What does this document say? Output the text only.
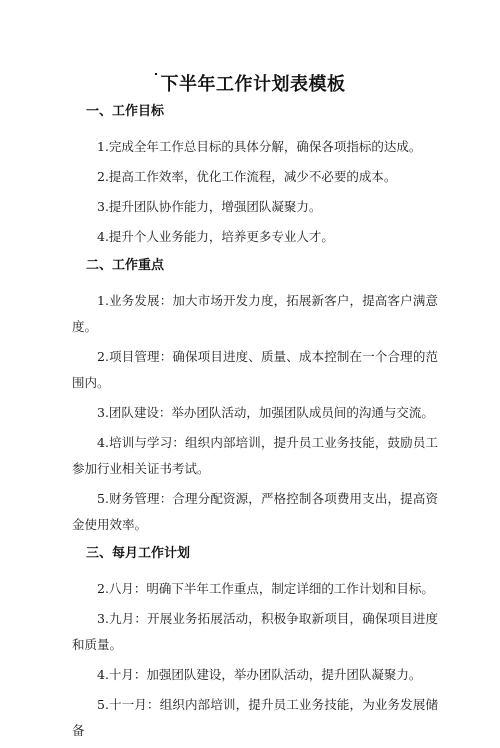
下半年工作计划表模板
一、工作目标

1.完成全年工作总目标的具体分解，确保各项指标的达成。

2.提高工作效率，优化工作流程，减少不必要的成本。

3.提升团队协作能力，增强团队凝聚力。

4.提升个人业务能力，培养更多专业人才。

二、工作重点

1.业务发展：加大市场开发力度，拓展新客户，提高客户满意度。

2.项目管理：确保项目进度、质量、成本控制在一个合理的范围内。

3.团队建设：举办团队活动，加强团队成员间的沟通与交流。

4.培训与学习：组织内部培训，提升员工业务技能，鼓励员工参加行业相关证书考试。

5.财务管理：合理分配资源，严格控制各项费用支出，提高资金使用效率。

三、每月工作计划

2.八月：明确下半年工作重点，制定详细的工作计划和目标。

3.九月：开展业务拓展活动，积极争取新项目，确保项目进度和质量。

4.十月：加强团队建设，举办团队活动，提升团队凝聚力。

5.十一月：组织内部培训，提升员工业务技能，为业务发展储备
